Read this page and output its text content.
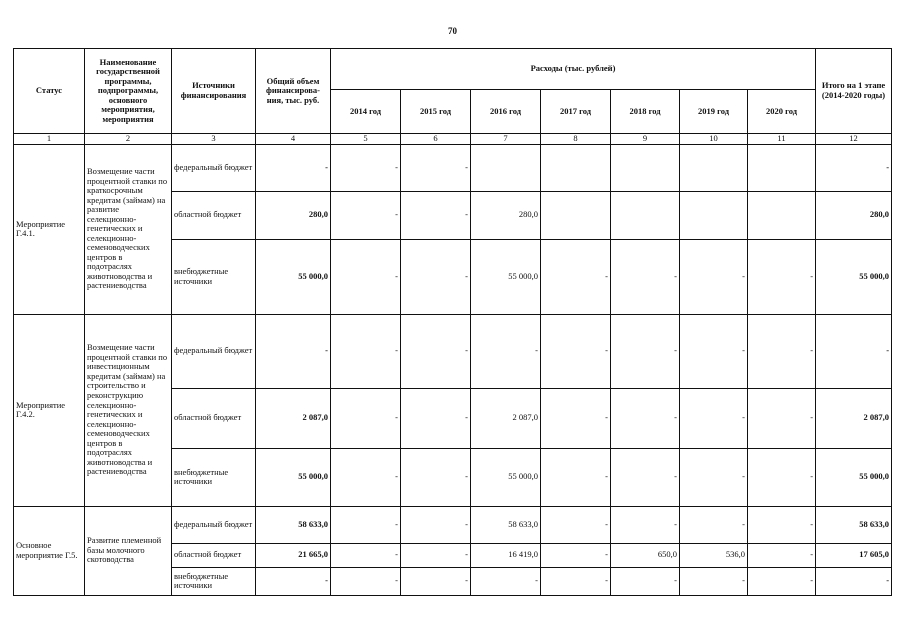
70
Статус	Наименование государственной программы, подпрограммы, основного мероприятия, мероприятия	Источники финансирования	Общий объем финансирова-ния, тыс. руб.	Расходы (тыс. рублей)							Итого на 1 этапе (2014-2020 годы)
				2014 год	2015 год	2016 год	2017 год	2018 год	2019 год	2020 год	
1	2	3	4	5	6	7	8	9	10	11	12
Мероприятие Г.4.1.	Возмещение части процентной ставки по краткосрочным кредитам (займам) на развитие селекционно-генетических и селекционно-семеноводческих центров в подотраслях животноводства и растениеводства	федеральный бюджет	-	-	-						-
		областной бюджет	280,0	-	-	280,0					280,0
		внебюджетные источники	55 000,0	-	-	55 000,0	-	-	-	-	55 000,0
Мероприятие Г.4.2.	Возмещение части процентной ставки по инвестиционным кредитам (займам) на строительство и реконструкцию селекционно-генетических и селекционно-семеноводческих центров в подотраслях животноводства и растениеводства	федеральный бюджет	-	-	-	-	-	-	-	-	-
		областной бюджет	2 087,0	-	-	2 087,0	-	-	-	-	2 087,0
		внебюджетные источники	55 000,0	-	-	55 000,0	-	-	-	-	55 000,0
Основное мероприятие Г.5.	Развитие племенной базы молочного скотоводства	федеральный бюджет	58 633,0	-	-	58 633,0	-	-	-	-	58 633,0
		областной бюджет	21 665,0	-	-	16 419,0	-	650,0	536,0	-	17 605,0
		внебюджетные источники	-	-	-	-	-	-	-	-	-
